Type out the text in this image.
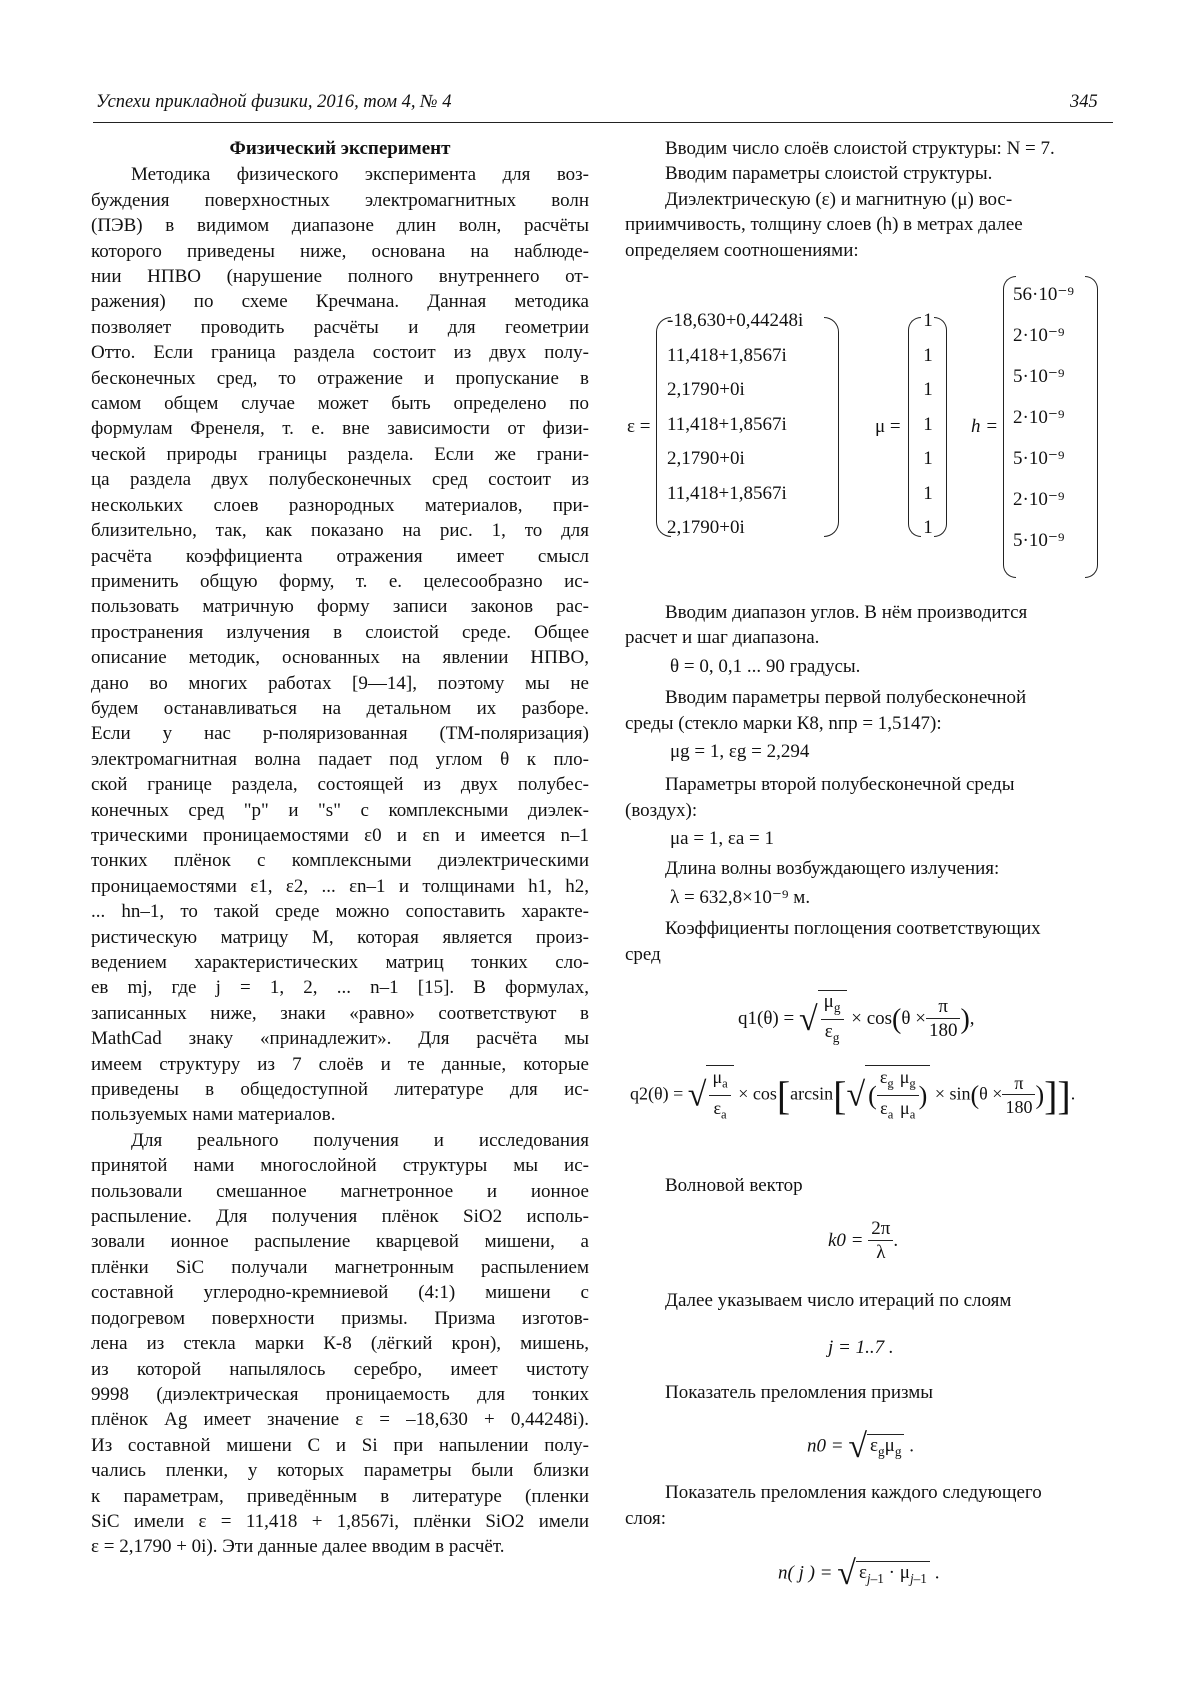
Успехи прикладной физики, 2016, том 4, № 4	345
Физический эксперимент
Методика физического эксперимента для воз-
буждения поверхностных электромагнитных волн
(ПЭВ) в видимом диапазоне длин волн, расчёты
которого приведены ниже, основана на наблюде-
нии НПВО (нарушение полного внутреннего от-
ражения) по схеме Кречмана. Данная методика
позволяет проводить расчёты и для геометрии
Отто. Если граница раздела состоит из двух полу-
бесконечных сред, то отражение и пропускание в
самом общем случае может быть определено по
формулам Френеля, т. е. вне зависимости от физи-
ческой природы границы раздела. Если же грани-
ца раздела двух полубесконечных сред состоит из
нескольких слоев разнородных материалов, при-
близительно, так, как показано на рис. 1, то для
расчёта коэффициента отражения имеет смысл
применить общую форму, т. е. целесообразно ис-
пользовать матричную форму записи законов рас-
пространения излучения в слоистой среде. Общее
описание методик, основанных на явлении НПВО,
дано во многих работах [9—14], поэтому мы не
будем останавливаться на детальном их разборе.
Если у нас p-поляризованная (ТМ-поляризация)
электромагнитная волна падает под углом θ к пло-
ской границе раздела, состоящей из двух полубес-
конечных сред "p" и "s" с комплексными диэлек-
трическими проницаемостями ε0 и εn и имеется n–1
тонких плёнок с комплексными диэлектрическими
проницаемостями ε1, ε2, ... εn–1 и толщинами h1, h2,
... hn–1, то такой среде можно сопоставить характе-
ристическую матрицу M, которая является произ-
ведением характеристических матриц тонких сло-
ев mj, где j = 1, 2, ... n–1 [15]. В формулах,
записанных ниже, знаки «равно» соответствуют в
MathCad знаку «принадлежит». Для расчёта мы
имеем структуру из 7 слоёв и те данные, которые
приведены в общедоступной литературе для ис-
пользуемых нами материалов.
Для реального получения и исследования
принятой нами многослойной структуры мы ис-
пользовали смешанное магнетронное и ионное
распыление. Для получения плёнок SiO2 исполь-
зовали ионное распыление кварцевой мишени, а
плёнки SiC получали магнетронным распылением
составной углеродно-кремниевой (4:1) мишени с
подогревом поверхности призмы. Призма изготов-
лена из стекла марки К-8 (лёгкий крон), мишень,
из которой напылялось серебро, имеет чистоту
9998 (диэлектрическая проницаемость для тонких
плёнок Ag имеет значение ε = –18,630 + 0,44248i).
Из составной мишени C и Si при напылении полу-
чались пленки, у которых параметры были близки
к параметрам, приведённым в литературе (пленки
SiC имели ε = 11,418 + 1,8567i, плёнки SiO2 имели
ε = 2,1790 + 0i). Эти данные далее вводим в расчёт.
Вводим число слоёв слоистой структуры: N = 7.
Вводим параметры слоистой структуры.
Диэлектрическую (ε) и магнитную (μ) вос-
приимчивость, толщину слоев (h) в метрах далее
определяем соотношениями:
ε =
-18,630+0,44248i
11,418+1,8567i
2,1790+0i
11,418+1,8567i
2,1790+0i
11,418+1,8567i
2,1790+0i
μ =
1
1
1
1
1
1
1
h =
56·10⁻⁹
2·10⁻⁹
5·10⁻⁹
2·10⁻⁹
5·10⁻⁹
2·10⁻⁹
5·10⁻⁹
Вводим диапазон углов. В нём производится
расчет и шаг диапазона.
θ = 0, 0,1 ... 90 градусы.
Вводим параметры первой полубесконечной
среды (стекло марки К8, nпр = 1,5147):
μg = 1, εg = 2,294
Параметры второй полубесконечной среды
(воздух):
μa = 1, εa = 1
Длина волны возбуждающего излучения:
λ = 632,8×10⁻⁹ м.
Коэффициенты поглощения соответствующих
сред
q1(θ) = √ $\frac{\mu_g}{\varepsilon_g} \times \cos(\theta \times \frac{\pi}{180}$ ),
q2(θ) = √ $\frac{\mu_a}{\varepsilon_a} \times \cos[\arcsin[√$ ( $\frac{\varepsilon_g}{\varepsilon_a} \frac{\mu_g}{\mu_a}$ ) × $\sin(\theta \times \frac{\pi}{180}$ )]].
Волновой вектор
$k0 = \frac{2\pi}{\lambda}$ .
Далее указываем число итераций по слоям
j = 1..7 .
Показатель преломления призмы
n0 = √ $\varepsilon_g\mu_g$ .
Показатель преломления каждого следующего
слоя:
n( j ) = √ $\varepsilon_{j-1} \cdot \mu_{j-1}$ .
